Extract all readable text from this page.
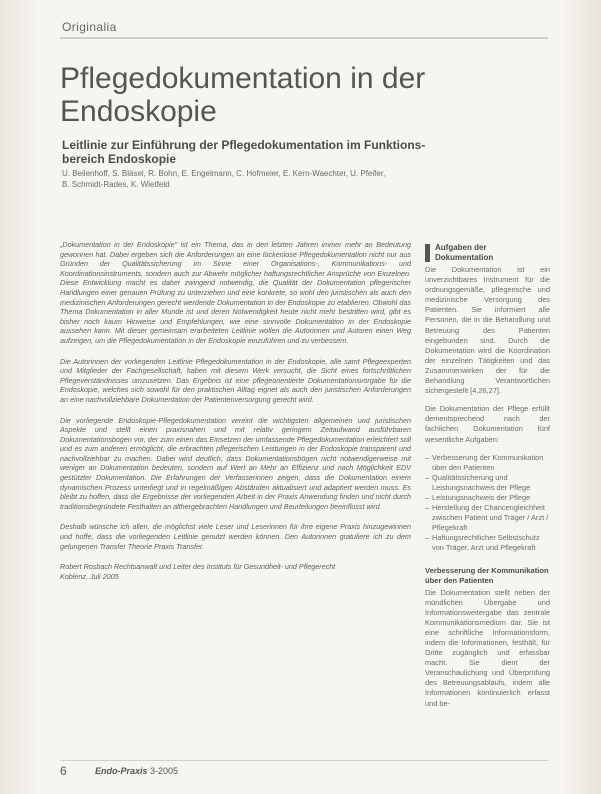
Originalia
Pflegedokumentation in der
Endoskopie
Leitlinie zur Einführung der Pflegedokumentation im Funktions-
bereich Endoskopie

U. Beilenhoff, S. Bläsel, R. Bohn, E. Engelmann, C. Hofmeier, E. Kern-Waechter, U. Pfeifer,
B. Schmidt-Rades, K. Wietfeld

„Dokumentation in der Endoskopie" ist ein Thema, das in den letzten Jahren immer mehr an Bedeutung gewonnen hat. Dabei ergeben sich die Anforderungen an eine lückenlose Pflegedokumentation nicht nur aus Gründen der Qualitätssicherung im Sinne einer Organisations-, Kommunikations- und Koordinationsinstruments, sondern auch zur Abwehr möglicher haftungsrechtlicher Ansprüche von Einzelnen. Diese Entwicklung macht es daher zwingend notwendig, die Qualität der Dokumentation pflegerischer Handlungen einer genauen Prüfung zu unterziehen und eine konkrete, so wohl den juristischen als auch den medizinischen Anforderungen gerecht werdende Dokumentation in der Endoskopie zu etablieren. Obwohl das Thema Dokumentation in aller Munde ist und deren Notwendigkeit heute nicht mehr bestritten wird, gibt es bisher noch kaum Hinweise und Empfehlungen, wie eine sinnvolle Dokumentation in der Endoskopie aussehen kann. Mit dieser gemeinsam erarbeiteten Leitlinie wollen die Autorinnen und Autoren einen Weg aufzeigen, um die Pflegedokumentation in der Endoskopie einzuführen und zu verbessern.

Die Autorinnen der vorliegenden Leitlinie Pflegedokumentation in der Endoskopie, alle samt Pflegeexperten und Mitglieder der Fachgesellschaft, haben mit diesem Werk versucht, die Sicht eines fortschrittlichen Pflegeverständnisses umzusetzen. Das Ergebnis ist eine pflegeorientierte Dokumentationsvorgabe für die Endoskopie, welches sich sowohl für den praktischen Alltag eignet als auch den juristischen Anforderungen an eine nachvollziehbare Dokumentation der Patientenversorgung gerecht wird.

Die vorliegende Endoskopie-Pflegedokumentation vereint die wichtigsten allgemeinen und juristischen Aspekte und stellt einen praxisnahen und mit relativ geringem Zeitaufwand ausführbaren Dokumentationsbogen vor, der zum einen das Einsetzen der umfassende Pflegedokumentation erleichtert soll und es zum anderen ermöglicht, die erbrachten pflegerischen Leistungen in der Endoskopie transparent und nachvollziehbar zu machen. Dabei wird deutlich, dass Dokumentationsbögen nicht notwendigerweise mit weniger an Dokumentation bedeuten, sondern auf Wert an Mehr an Effizienz und nach Möglichkeit EDV gestützter Dokumentation. Die Erfahrungen der Verfasserinnen zeigen, dass die Dokumentation einem dynamischen Prozess unterliegt und in regelmäßigen Abständen aktualisiert und adaptiert werden muss. Es bleibt zu hoffen, dass die Ergebnisse der vorliegenden Arbeit in der Praxis Anwendung finden und nicht durch traditionsbegründete Festhalten an althergebrachten Handlungen und Beurteilungen beeinflusst wird.

Deshalb wünsche ich allen, die möglichst viele Leser und Leserinnen für ihre eigene Praxis hinzugewinnen und hoffe, dass die vorliegenden Leitlinie genutzt werden können. Den Autorinnen gratuliere ich zu dem gelungenen Transfer Theorie Praxis Transfer.

Robert Rosbach Rechtsanwalt und Leiter des Instituts für Gesundheit- und Pflegerecht
Koblenz, Juli 2005

Aufgaben der
Dokumentation

Die Dokumentation ist ein unverzichtbares Instrument für die ordnungsgemäße, pflegerische und medizinische Versorgung des Patienten. Sie informiert alle Personen, die in die Behandlung und Betreuung des Patienten eingebunden sind. Durch die Dokumentation wird die Koordination der einzelnen Tätigkeiten und das Zusammenwirken der für die Behandlung Verantwortlichen sichergestellt [4,26,27].

Die Dokumentation der Pflege erfüllt dementsprechend nach der fachlichen Dokumentation fünf wesentliche Aufgaben:

– Verbesserung der Kommunikation über den Patienten
– Qualitätssicherung und Leistungsnachweis der Pflege
– Leistungsnachweis der Pflege
– Herstellung der Chancengleichheit zwischen Patient und Träger / Arzt / Pflegekraft
– Haftungsrechtlicher Selbstschutz von Träger, Arzt und Pflegekraft
Verbesserung der Kommunikation
über den Patienten

Die Dokumentation stellt neben der mündlichen Übergabe und Informationsweitergabe das zentrale Kommunikationsmedium dar. Sie ist eine schriftliche Informationsform, indem die Informationen, festhält, für Dritte zugänglich und erfassbar macht. Sie dient der Veranschaulichung und Überprüfung des Betreuungsablaufs, indem alle Informationen kontinuierlich erfasst und be-

6	Endo-Praxis 3-2005
